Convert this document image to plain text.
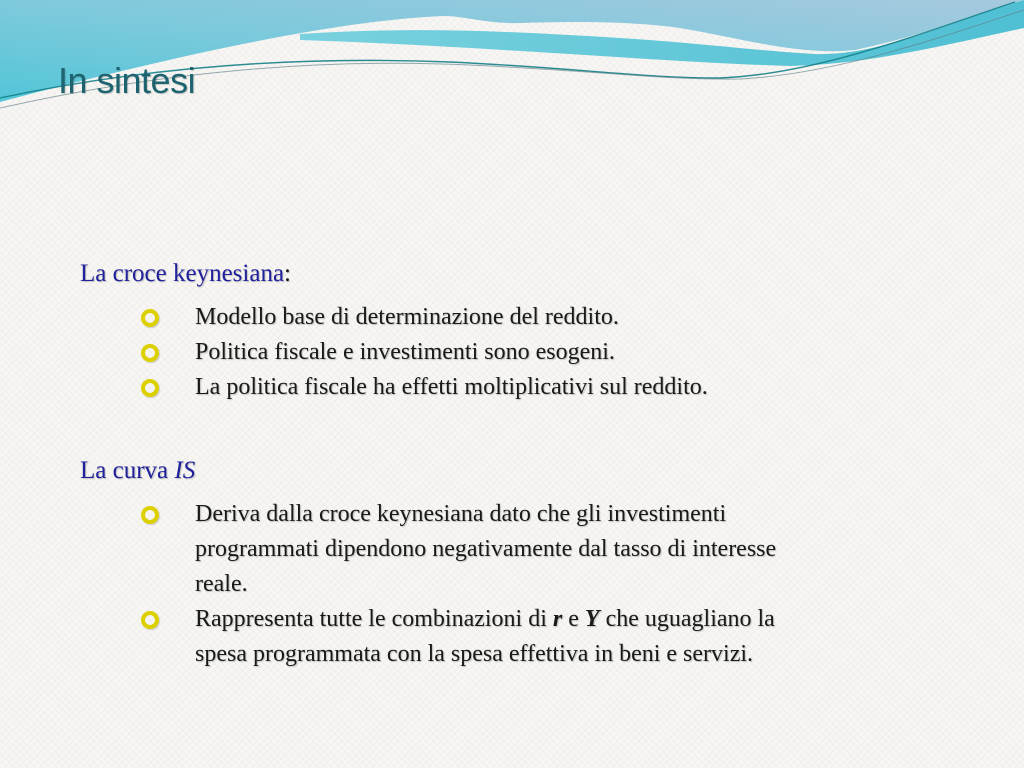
In sintesi
La croce keynesiana:
Modello base di determinazione del reddito.
Politica fiscale e investimenti sono esogeni.
La politica fiscale ha effetti moltiplicativi sul reddito.
La curva IS
Deriva dalla croce keynesiana dato che gli investimenti
programmati dipendono negativamente dal tasso di interesse
reale.
Rappresenta tutte le combinazioni di r e Y che uguagliano la
spesa programmata con la spesa effettiva in beni e servizi.
